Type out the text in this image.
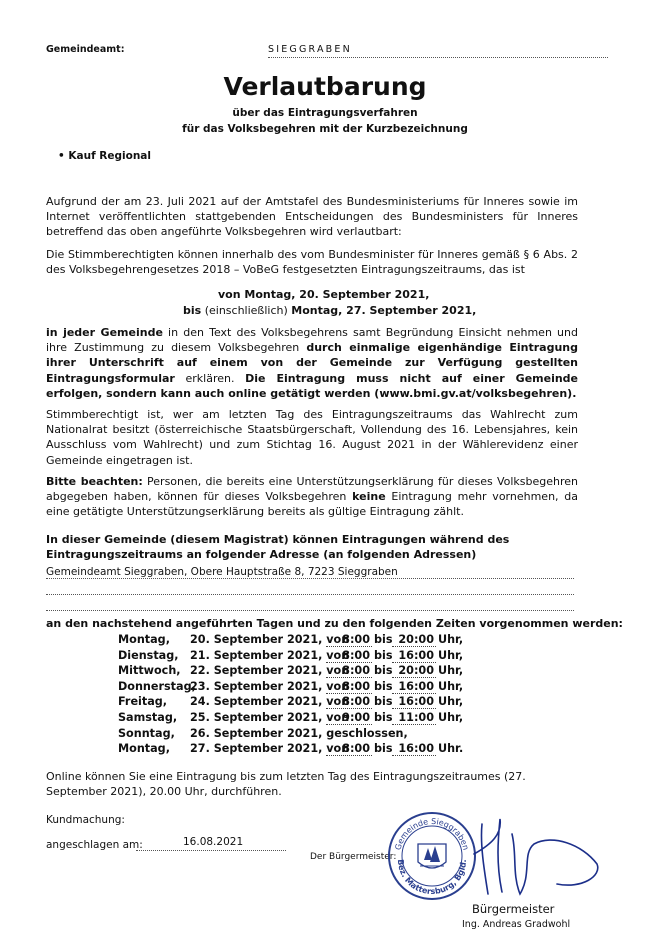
Gemeindeamt:	SIEGGRABEN
Verlautbarung
über das Eintragungsverfahren
für das Volksbegehren mit der Kurzbezeichnung
• Kauf Regional
Aufgrund der am 23. Juli 2021 auf der Amtstafel des Bundesministeriums für Inneres sowie im Internet veröffentlichten stattgebenden Entscheidungen des Bundesministers für Inneres betreffend das oben angeführte Volksbegehren wird verlautbart:
Die Stimmberechtigten können innerhalb des vom Bundesminister für Inneres gemäß § 6 Abs. 2 des Volksbegehrengesetzes 2018 – VoBeG festgesetzten Eintragungszeitraums, das ist
von Montag, 20. September 2021,
bis (einschließlich) Montag, 27. September 2021,
in jeder Gemeinde in den Text des Volksbegehrens samt Begründung Einsicht nehmen und ihre Zustimmung zu diesem Volksbegehren durch einmalige eigenhändige Eintragung ihrer Unterschrift auf einem von der Gemeinde zur Verfügung gestellten Eintragungsformular erklären. Die Eintragung muss nicht auf einer Gemeinde erfolgen, sondern kann auch online getätigt werden (www.bmi.gv.at/volksbegehren).
Stimmberechtigt ist, wer am letzten Tag des Eintragungszeitraums das Wahlrecht zum Nationalrat besitzt (österreichische Staatsbürgerschaft, Vollendung des 16. Lebensjahres, kein Ausschluss vom Wahlrecht) und zum Stichtag 16. August 2021 in der Wählerevidenz einer Gemeinde eingetragen ist.
Bitte beachten: Personen, die bereits eine Unterstützungserklärung für dieses Volksbegehren abgegeben haben, können für dieses Volksbegehren keine Eintragung mehr vornehmen, da eine getätigte Unterstützungserklärung bereits als gültige Eintragung zählt.
In dieser Gemeinde (diesem Magistrat) können Eintragungen während des Eintragungszeitraums an folgender Adresse (an folgenden Adressen)
Gemeindeamt Sieggraben, Obere Hauptstraße 8, 7223 Sieggraben
an den nachstehend angeführten Tagen und zu den folgenden Zeiten vorgenommen werden:
Montag, 20. September 2021, von
8:00 bis 20:00 Uhr,
Dienstag, 21. September 2021, von
8:00 bis 16:00 Uhr,
Mittwoch, 22. September 2021, von
8:00 bis 20:00 Uhr,
Donnerstag,
23. September 2021, von
8:00 bis 16:00 Uhr,
Freitag, 24. September 2021, von
8:00 bis 16:00 Uhr,
Samstag, 25. September 2021, von
9:00 bis 11:00 Uhr,
Sonntag, 26. September 2021, geschlossen,
Montag, 27. September 2021, von
8:00 bis 16:00 Uhr.
Online können Sie eine Eintragung bis zum letzten Tag des Eintragungszeitraumes (27. September 2021), 20.00 Uhr, durchführen.
Kundmachung:
angeschlagen am:	16.08.2021
Der Bürgermeister:
Gemeinde Sieggraben
Bez. Mattersburg, Bgld.
Bürgermeister
Ing. Andreas Gradwohl
